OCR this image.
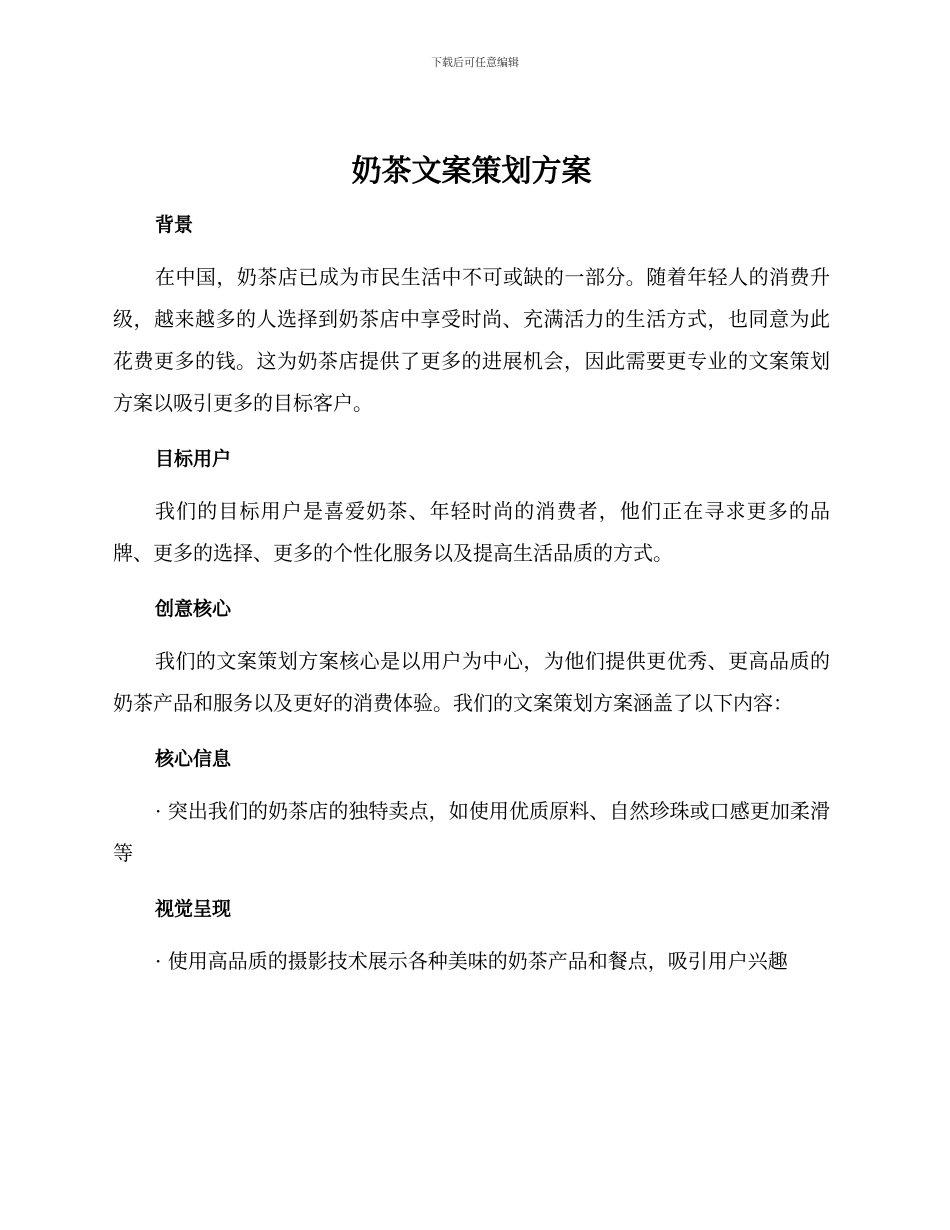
下载后可任意编辑
奶茶文案策划方案
背景

在中国，奶茶店已成为市民生活中不可或缺的一部分。随着年轻人的消费升级，越来越多的人选择到奶茶店中享受时尚、充满活力的生活方式，也同意为此花费更多的钱。这为奶茶店提供了更多的进展机会，因此需要更专业的文案策划方案以吸引更多的目标客户。

目标用户

我们的目标用户是喜爱奶茶、年轻时尚的消费者，他们正在寻求更多的品牌、更多的选择、更多的个性化服务以及提高生活品质的方式。

创意核心

我们的文案策划方案核心是以用户为中心，为他们提供更优秀、更高品质的奶茶产品和服务以及更好的消费体验。我们的文案策划方案涵盖了以下内容：

核心信息

· 突出我们的奶茶店的独特卖点，如使用优质原料、自然珍珠或口感更加柔滑等

视觉呈现

· 使用高品质的摄影技术展示各种美味的奶茶产品和餐点，吸引用户兴趣
